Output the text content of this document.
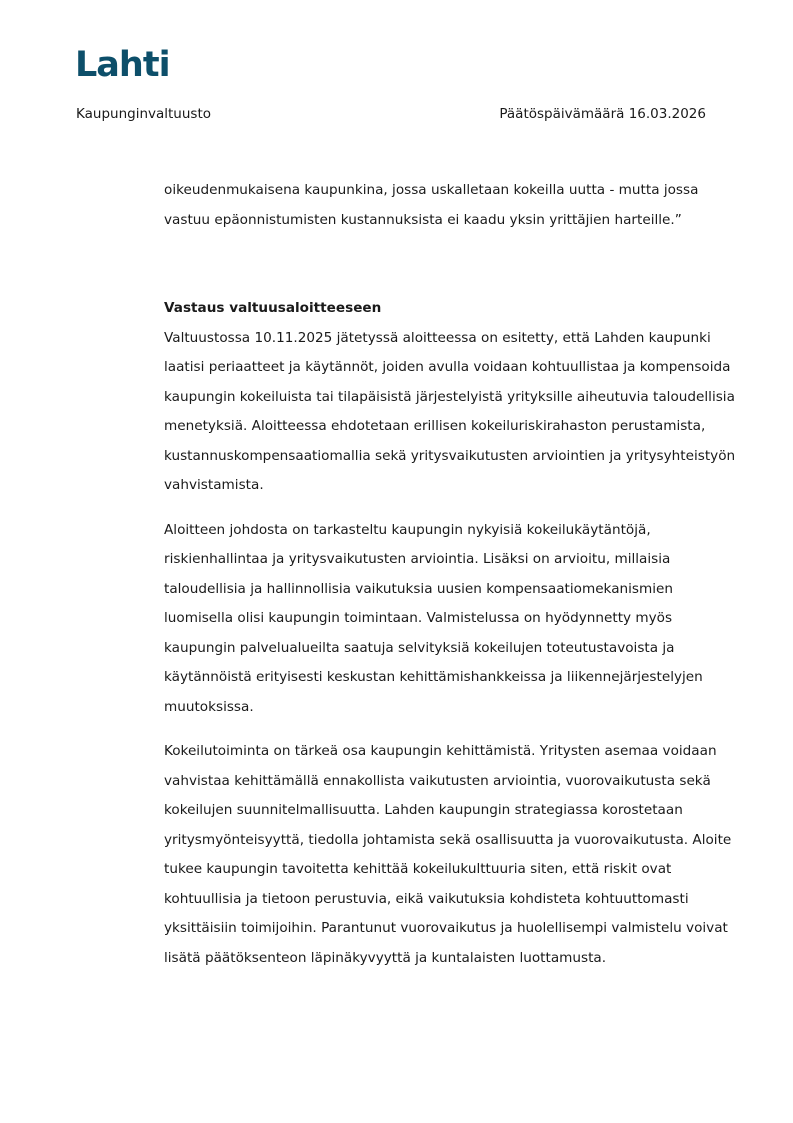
Lahti
Kaupunginvaltuusto	Päätöspäivämäärä 16.03.2026

oikeudenmukaisena kaupunkina, jossa uskalletaan kokeilla uutta - mutta jossa
vastuu epäonnistumisten kustannuksista ei kaadu yksin yrittäjien harteille.”

Vastaus valtuusaloitteeseen

Valtuustossa 10.11.2025 jätetyssä aloitteessa on esitetty, että Lahden kaupunki
laatisi periaatteet ja käytännöt, joiden avulla voidaan kohtuullistaa ja kompensoida
kaupungin kokeiluista tai tilapäisistä järjestelyistä yrityksille aiheutuvia taloudellisia
menetyksiä. Aloitteessa ehdotetaan erillisen kokeiluriskirahaston perustamista,
kustannuskompensaatiomallia sekä yritysvaikutusten arviointien ja yritysyhteistyön
vahvistamista.

Aloitteen johdosta on tarkasteltu kaupungin nykyisiä kokeilukäytäntöjä,
riskienhallintaa ja yritysvaikutusten arviointia. Lisäksi on arvioitu, millaisia
taloudellisia ja hallinnollisia vaikutuksia uusien kompensaatiomekanismien
luomisella olisi kaupungin toimintaan. Valmistelussa on hyödynnetty myös
kaupungin palvelualueilta saatuja selvityksiä kokeilujen toteutustavoista ja
käytännöistä erityisesti keskustan kehittämishankkeissa ja liikennejärjestelyjen
muutoksissa.

Kokeilutoiminta on tärkeä osa kaupungin kehittämistä. Yritysten asemaa voidaan
vahvistaa kehittämällä ennakollista vaikutusten arviointia, vuorovaikutusta sekä
kokeilujen suunnitelmallisuutta. Lahden kaupungin strategiassa korostetaan
yritysmyönteisyyttä, tiedolla johtamista sekä osallisuutta ja vuorovaikutusta. Aloite
tukee kaupungin tavoitetta kehittää kokeilukulttuuria siten, että riskit ovat
kohtuullisia ja tietoon perustuvia, eikä vaikutuksia kohdisteta kohtuuttomasti
yksittäisiin toimijoihin. Parantunut vuorovaikutus ja huolellisempi valmistelu voivat
lisätä päätöksenteon läpinäkyvyyttä ja kuntalaisten luottamusta.
